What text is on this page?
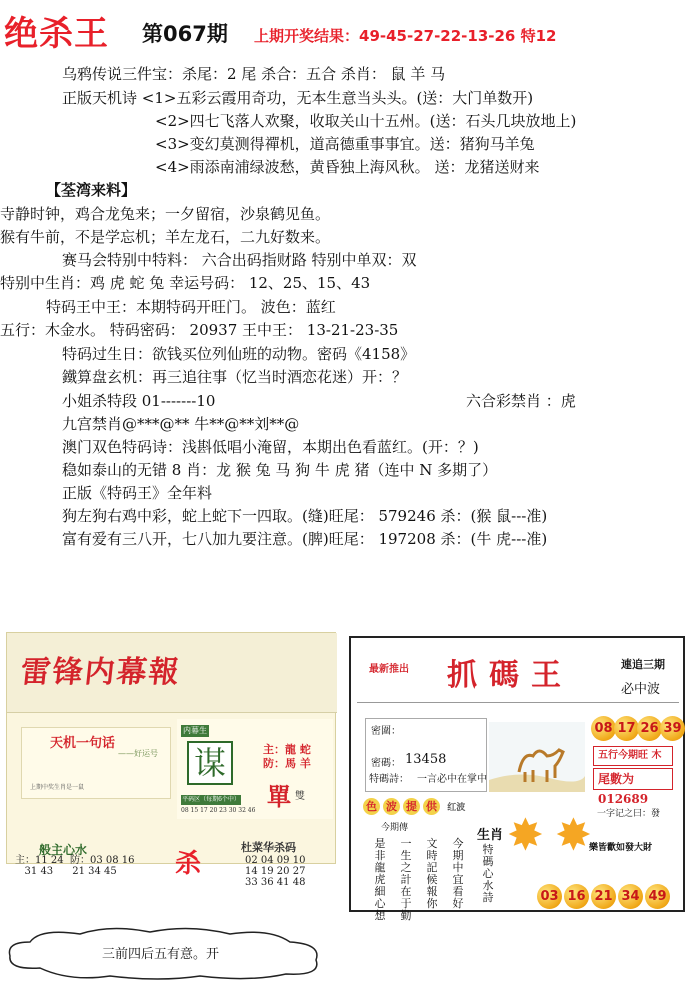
绝杀王 第067期 上期开奖结果：49-45-27-22-13-26 特12
乌鸦传说三件宝：杀尾：2 尾 杀合：五合 杀肖： 鼠 羊 马
正版天机诗 <1>五彩云霞用奇功，无本生意当头头。(送：大门单数开)
<2>四七飞落人欢聚，收取关山十五州。(送：石头几块放地上)
<3>变幻莫测得禪机，道高德重事事宜。送：猪狗马羊兔
<4>雨添南浦绿波愁，黄昏独上海风秋。 送：龙猪送财来
【荃湾来料】
寺静时钟，鸡合龙兔来；一夕留宿，沙泉鹤见鱼。
猴有牛前，不是学忘机；羊左龙石，二九好数来。
赛马会特别中特料： 六合出码指财路 特别中单双：双
特别中生肖：鸡 虎 蛇 兔 幸运号码： 12、25、15、43
特码王中王：本期特码开旺门。 波色：蓝红
五行：木金水。 特码密码： 20937 王中王： 13-21-23-35
特码过生日：欲钱买位列仙班的动物。密码《4158》
鐵算盘玄机：再三追往事（忆当时酒恋花迷）开：？
小姐杀特段 01-------10	六合彩禁肖 ：虎
九宫禁肖@***@** 牛**@**刘**@
澳门双色特码诗：浅斟低唱小淹留，本期出色看蓝红。(开：？)
稳如泰山的无错 8 肖：龙 猴 兔 马 狗 牛 虎 猪（连中 N 多期了）
正版《特码王》全年料
狗左狗右鸡中彩，蛇上蛇下一四取。(缝)旺尾： 579246 杀：(猴 鼠---准)
富有爱有三八开，七八加九要注意。(脾)旺尾： 197208 杀：(牛 虎---准)
雷锋内幕報
天机一句话
——好运号
上期中奖生肖是一鼠
内幕生
谋	主：龍 蛇
防：馬 羊
單 雙
平码区（每期6个中）
08 15 17 20 23 30 32 46
般主心水
主：11 24  防：03 08 16
31 43      21 34 45	杀
杜菜华杀码
02 04 09 10
14 19 20 27
33 36 41 48
最新推出 抓碼王	連追三期
必中波
密圍：
密碼： 13458
特碼詩： 一言必中在掌中
08 17 26 39
五行今期旺 木
尾數为 012689
色 波 提 供 红波
今期傳
是非龍虎細心想
一生之計在于勤
文時記候報你
今期中宜看好
生肖
特碼心水詩
✸ ✸ 一字记之曰：發
樂皆歡如發大財
03 16 21 34 49
三前四后五有意。开
